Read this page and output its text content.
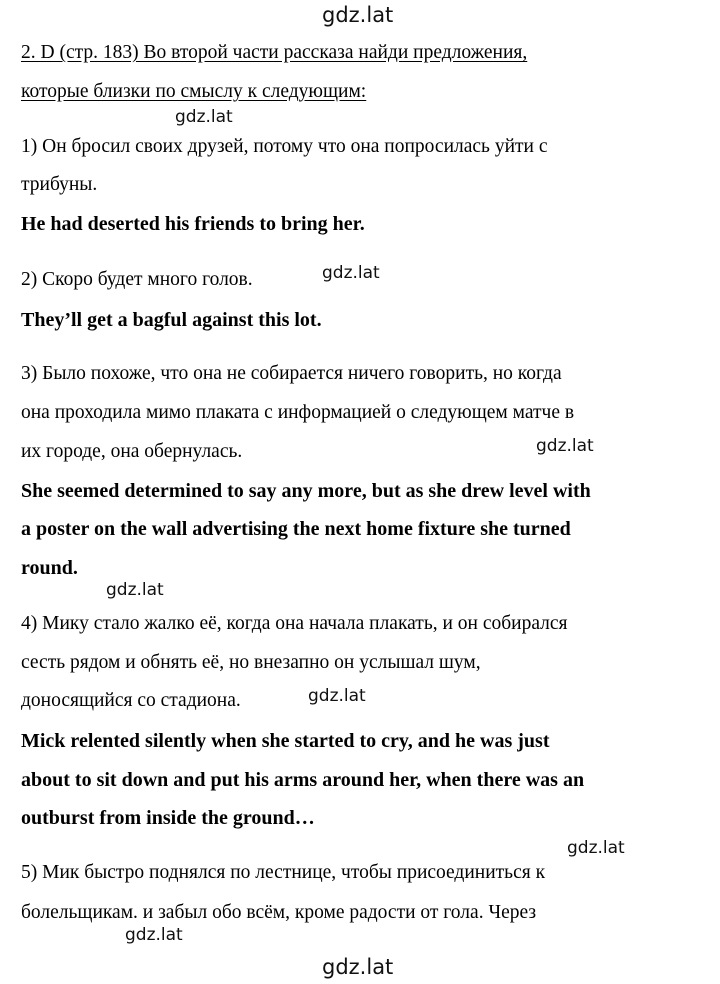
gdz.lat
gdz.lat
gdz.lat
gdz.lat
gdz.lat
gdz.lat
gdz.lat
gdz.lat
gdz.lat
2. D (стр. 183) Во второй части рассказа найди предложения,
которые близки по смыслу к следующим:
1) Он бросил своих друзей, потому что она попросилась уйти с
трибуны.
He had deserted his friends to bring her.
2) Скоро будет много голов.
They’ll get a bagful against this lot.
3) Было похоже, что она не собирается ничего говорить, но когда
она проходила мимо плаката с информацией о следующем матче в
их городе, она обернулась.
She seemed determined to say any more, but as she drew level with
a poster on the wall advertising the next home fixture she turned
round.
4) Мику стало жалко её, когда она начала плакать, и он собирался
сесть рядом и обнять её, но внезапно он услышал шум,
доносящийся со стадиона.
Mick relented silently when she started to cry, and he was just
about to sit down and put his arms around her, when there was an
outburst from inside the ground…
5) Мик быстро поднялся по лестнице, чтобы присоединиться к
болельщикам. и забыл обо всём, кроме радости от гола. Через
